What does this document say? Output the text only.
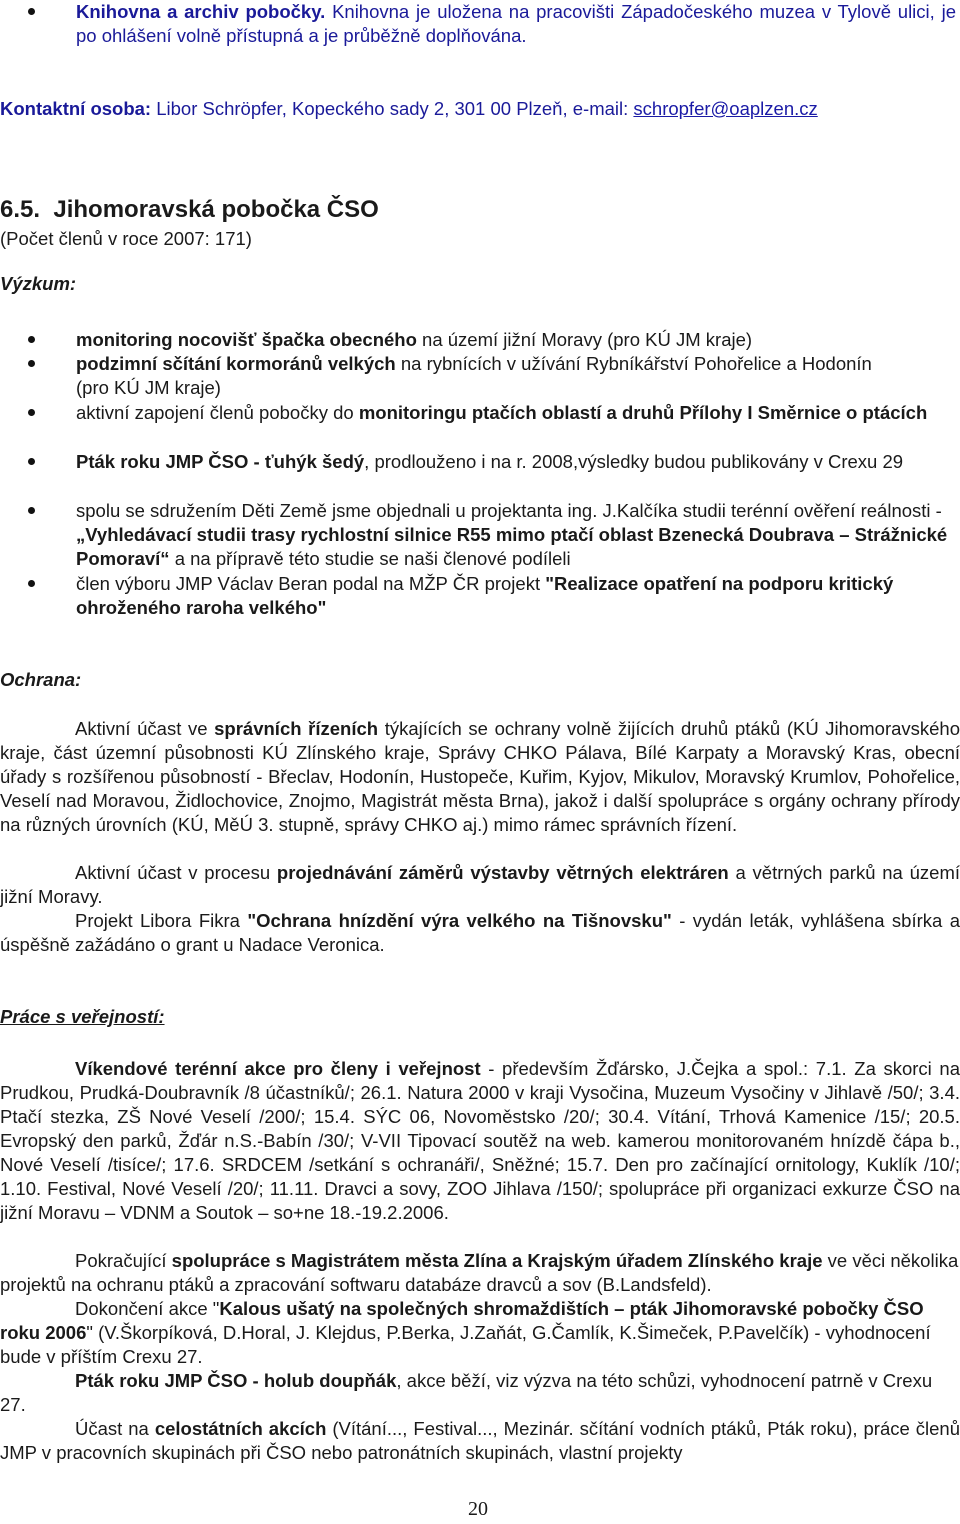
Knihovna a archiv pobočky. Knihovna je uložena na pracovišti Západočeského muzea v Tylově ulici, je po ohlášení volně přístupná a je průběžně doplňována.
Kontaktní osoba: Libor Schröpfer, Kopeckého sady 2, 301 00 Plzeň, e-mail: schropfer@oaplzen.cz
6.5. Jihomoravská pobočka ČSO
(Počet členů v roce 2007: 171)
Výzkum:
monitoring nocovišť špačka obecného na území jižní Moravy (pro KÚ JM kraje)
podzimní sčítání kormoránů velkých na rybnících v užívání Rybníkářství Pohořelice a Hodonín (pro KÚ JM kraje)
aktivní zapojení členů pobočky do monitoringu ptačích oblastí a druhů Přílohy I Směrnice o ptácích
Pták roku JMP ČSO - ťuhýk šedý, prodlouženo i na r. 2008,výsledky budou publikovány v Crexu 29
spolu se sdružením Děti Země jsme objednali u projektanta ing. J.Kalčíka studii terénní ověření reálnosti - „Vyhledávací studii trasy rychlostní silnice R55 mimo ptačí oblast Bzenecká Doubrava – Strážnické Pomoraví“ a na přípravě této studie se naši členové podíleli
člen výboru JMP Václav Beran podal na MŽP ČR projekt "Realizace opatření na podporu kritický ohroženého raroha velkého"
Ochrana:
Aktivní účast ve správních řízeních týkajících se ochrany volně žijících druhů ptáků (KÚ Jihomoravského kraje, část územní působnosti KÚ Zlínského kraje, Správy CHKO Pálava, Bílé Karpaty a Moravský Kras, obecní úřady s rozšířenou působností - Břeclav, Hodonín, Hustopeče, Kuřim, Kyjov, Mikulov, Moravský Krumlov, Pohořelice, Veselí nad Moravou, Židlochovice, Znojmo, Magistrát města Brna), jakož i další spolupráce s orgány ochrany přírody na různých úrovních (KÚ, MěÚ 3. stupně, správy CHKO aj.) mimo rámec správních řízení.
Aktivní účast v procesu projednávání záměrů výstavby větrných elektráren a větrných parků na území jižní Moravy.
Projekt Libora Fikra "Ochrana hnízdění výra velkého na Tišnovsku" - vydán leták, vyhlášena sbírka a úspěšně zažádáno o grant u Nadace Veronica.
Práce s veřejností:
Víkendové terénní akce pro členy i veřejnost - především Žďársko, J.Čejka a spol.: 7.1. Za skorci na Prudkou, Prudká-Doubravník /8 účastníků/; 26.1. Natura 2000 v kraji Vysočina, Muzeum Vysočiny v Jihlavě /50/; 3.4. Ptačí stezka, ZŠ Nové Veselí /200/; 15.4. SÝC 06, Novoměstsko /20/; 30.4. Vítání, Trhová Kamenice /15/; 20.5. Evropský den parků, Žďár n.S.-Babín /30/; V-VII Tipovací soutěž na web. kamerou monitorovaném hnízdě čápa b., Nové Veselí /tisíce/; 17.6. SRDCEM /setkání s ochranáři/, Sněžné; 15.7. Den pro začínající ornitology, Kuklík /10/; 1.10. Festival, Nové Veselí /20/; 11.11. Dravci a sovy, ZOO Jihlava /150/; spolupráce při organizaci exkurze ČSO na jižní Moravu – VDNM a Soutok – so+ne 18.-19.2.2006.
Pokračující spolupráce s Magistrátem města Zlína a Krajským úřadem Zlínského kraje ve věci několika projektů na ochranu ptáků a zpracování softwaru databáze dravců a sov (B.Landsfeld).
Dokončení akce "Kalous ušatý na společných shromaždištích – pták Jihomoravské pobočky ČSO roku 2006" (V.Škorpíková, D.Horal, J. Klejdus, P.Berka, J.Zaňát, G.Čamlík, K.Šimeček, P.Pavelčík) - vyhodnocení bude v příštím Crexu 27.
Pták roku JMP ČSO - holub doupňák, akce běží, viz výzva na této schůzi, vyhodnocení patrně v Crexu 27.
Účast na celostátních akcích (Vítání..., Festival..., Mezinár. sčítání vodních ptáků, Pták roku), práce členů JMP v pracovních skupinách při ČSO nebo patronátních skupinách, vlastní projekty
20
